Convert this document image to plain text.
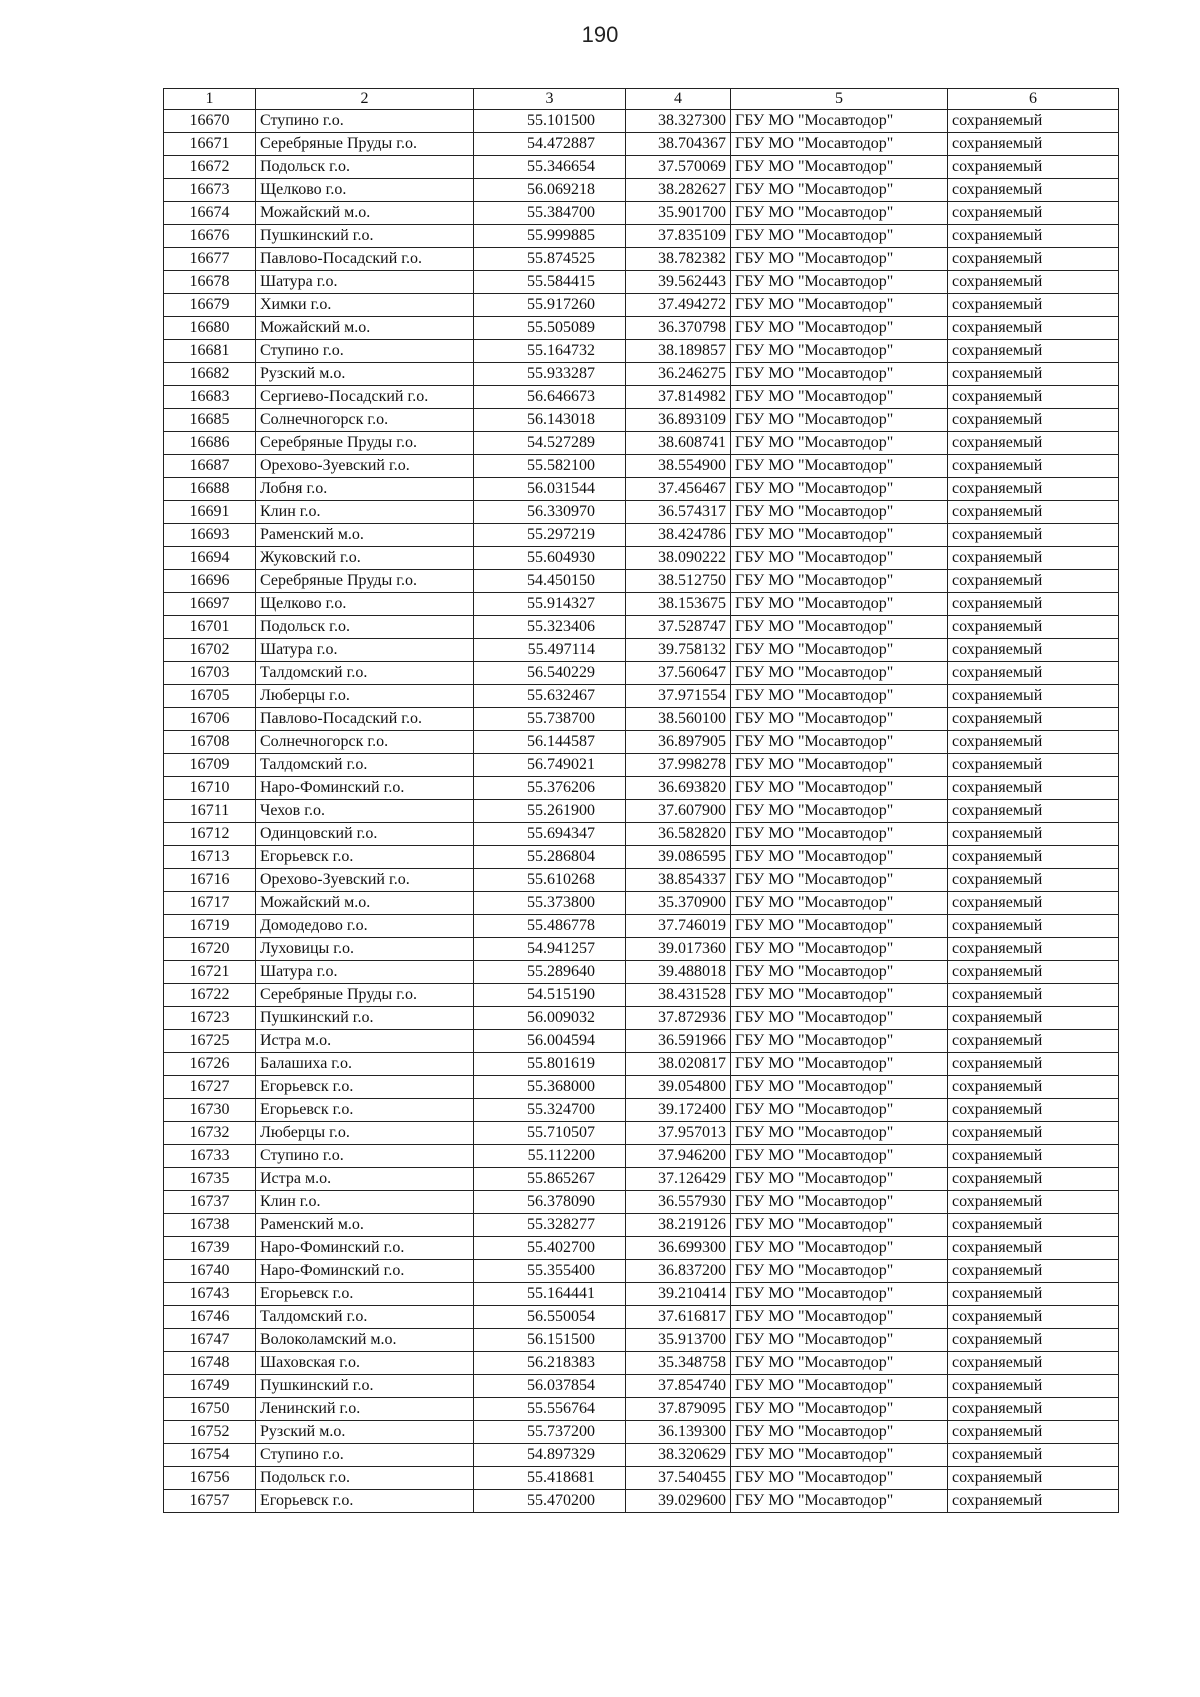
190
1	2	3	4	5	6
16670	Ступино г.о.	55.101500	38.327300	ГБУ МО "Мосавтодор"	сохраняемый
16671	Серебряные Пруды г.о.	54.472887	38.704367	ГБУ МО "Мосавтодор"	сохраняемый
16672	Подольск г.о.	55.346654	37.570069	ГБУ МО "Мосавтодор"	сохраняемый
16673	Щелково г.о.	56.069218	38.282627	ГБУ МО "Мосавтодор"	сохраняемый
16674	Можайский м.о.	55.384700	35.901700	ГБУ МО "Мосавтодор"	сохраняемый
16676	Пушкинский г.о.	55.999885	37.835109	ГБУ МО "Мосавтодор"	сохраняемый
16677	Павлово-Посадский г.о.	55.874525	38.782382	ГБУ МО "Мосавтодор"	сохраняемый
16678	Шатура г.о.	55.584415	39.562443	ГБУ МО "Мосавтодор"	сохраняемый
16679	Химки г.о.	55.917260	37.494272	ГБУ МО "Мосавтодор"	сохраняемый
16680	Можайский м.о.	55.505089	36.370798	ГБУ МО "Мосавтодор"	сохраняемый
16681	Ступино г.о.	55.164732	38.189857	ГБУ МО "Мосавтодор"	сохраняемый
16682	Рузский м.о.	55.933287	36.246275	ГБУ МО "Мосавтодор"	сохраняемый
16683	Сергиево-Посадский г.о.	56.646673	37.814982	ГБУ МО "Мосавтодор"	сохраняемый
16685	Солнечногорск г.о.	56.143018	36.893109	ГБУ МО "Мосавтодор"	сохраняемый
16686	Серебряные Пруды г.о.	54.527289	38.608741	ГБУ МО "Мосавтодор"	сохраняемый
16687	Орехово-Зуевский г.о.	55.582100	38.554900	ГБУ МО "Мосавтодор"	сохраняемый
16688	Лобня г.о.	56.031544	37.456467	ГБУ МО "Мосавтодор"	сохраняемый
16691	Клин г.о.	56.330970	36.574317	ГБУ МО "Мосавтодор"	сохраняемый
16693	Раменский м.о.	55.297219	38.424786	ГБУ МО "Мосавтодор"	сохраняемый
16694	Жуковский г.о.	55.604930	38.090222	ГБУ МО "Мосавтодор"	сохраняемый
16696	Серебряные Пруды г.о.	54.450150	38.512750	ГБУ МО "Мосавтодор"	сохраняемый
16697	Щелково г.о.	55.914327	38.153675	ГБУ МО "Мосавтодор"	сохраняемый
16701	Подольск г.о.	55.323406	37.528747	ГБУ МО "Мосавтодор"	сохраняемый
16702	Шатура г.о.	55.497114	39.758132	ГБУ МО "Мосавтодор"	сохраняемый
16703	Талдомский г.о.	56.540229	37.560647	ГБУ МО "Мосавтодор"	сохраняемый
16705	Люберцы г.о.	55.632467	37.971554	ГБУ МО "Мосавтодор"	сохраняемый
16706	Павлово-Посадский г.о.	55.738700	38.560100	ГБУ МО "Мосавтодор"	сохраняемый
16708	Солнечногорск г.о.	56.144587	36.897905	ГБУ МО "Мосавтодор"	сохраняемый
16709	Талдомский г.о.	56.749021	37.998278	ГБУ МО "Мосавтодор"	сохраняемый
16710	Наро-Фоминский г.о.	55.376206	36.693820	ГБУ МО "Мосавтодор"	сохраняемый
16711	Чехов г.о.	55.261900	37.607900	ГБУ МО "Мосавтодор"	сохраняемый
16712	Одинцовский г.о.	55.694347	36.582820	ГБУ МО "Мосавтодор"	сохраняемый
16713	Егорьевск г.о.	55.286804	39.086595	ГБУ МО "Мосавтодор"	сохраняемый
16716	Орехово-Зуевский г.о.	55.610268	38.854337	ГБУ МО "Мосавтодор"	сохраняемый
16717	Можайский м.о.	55.373800	35.370900	ГБУ МО "Мосавтодор"	сохраняемый
16719	Домодедово г.о.	55.486778	37.746019	ГБУ МО "Мосавтодор"	сохраняемый
16720	Луховицы г.о.	54.941257	39.017360	ГБУ МО "Мосавтодор"	сохраняемый
16721	Шатура г.о.	55.289640	39.488018	ГБУ МО "Мосавтодор"	сохраняемый
16722	Серебряные Пруды г.о.	54.515190	38.431528	ГБУ МО "Мосавтодор"	сохраняемый
16723	Пушкинский г.о.	56.009032	37.872936	ГБУ МО "Мосавтодор"	сохраняемый
16725	Истра м.о.	56.004594	36.591966	ГБУ МО "Мосавтодор"	сохраняемый
16726	Балашиха г.о.	55.801619	38.020817	ГБУ МО "Мосавтодор"	сохраняемый
16727	Егорьевск г.о.	55.368000	39.054800	ГБУ МО "Мосавтодор"	сохраняемый
16730	Егорьевск г.о.	55.324700	39.172400	ГБУ МО "Мосавтодор"	сохраняемый
16732	Люберцы г.о.	55.710507	37.957013	ГБУ МО "Мосавтодор"	сохраняемый
16733	Ступино г.о.	55.112200	37.946200	ГБУ МО "Мосавтодор"	сохраняемый
16735	Истра м.о.	55.865267	37.126429	ГБУ МО "Мосавтодор"	сохраняемый
16737	Клин г.о.	56.378090	36.557930	ГБУ МО "Мосавтодор"	сохраняемый
16738	Раменский м.о.	55.328277	38.219126	ГБУ МО "Мосавтодор"	сохраняемый
16739	Наро-Фоминский г.о.	55.402700	36.699300	ГБУ МО "Мосавтодор"	сохраняемый
16740	Наро-Фоминский г.о.	55.355400	36.837200	ГБУ МО "Мосавтодор"	сохраняемый
16743	Егорьевск г.о.	55.164441	39.210414	ГБУ МО "Мосавтодор"	сохраняемый
16746	Талдомский г.о.	56.550054	37.616817	ГБУ МО "Мосавтодор"	сохраняемый
16747	Волоколамский м.о.	56.151500	35.913700	ГБУ МО "Мосавтодор"	сохраняемый
16748	Шаховская г.о.	56.218383	35.348758	ГБУ МО "Мосавтодор"	сохраняемый
16749	Пушкинский г.о.	56.037854	37.854740	ГБУ МО "Мосавтодор"	сохраняемый
16750	Ленинский г.о.	55.556764	37.879095	ГБУ МО "Мосавтодор"	сохраняемый
16752	Рузский м.о.	55.737200	36.139300	ГБУ МО "Мосавтодор"	сохраняемый
16754	Ступино г.о.	54.897329	38.320629	ГБУ МО "Мосавтодор"	сохраняемый
16756	Подольск г.о.	55.418681	37.540455	ГБУ МО "Мосавтодор"	сохраняемый
16757	Егорьевск г.о.	55.470200	39.029600	ГБУ МО "Мосавтодор"	сохраняемый
